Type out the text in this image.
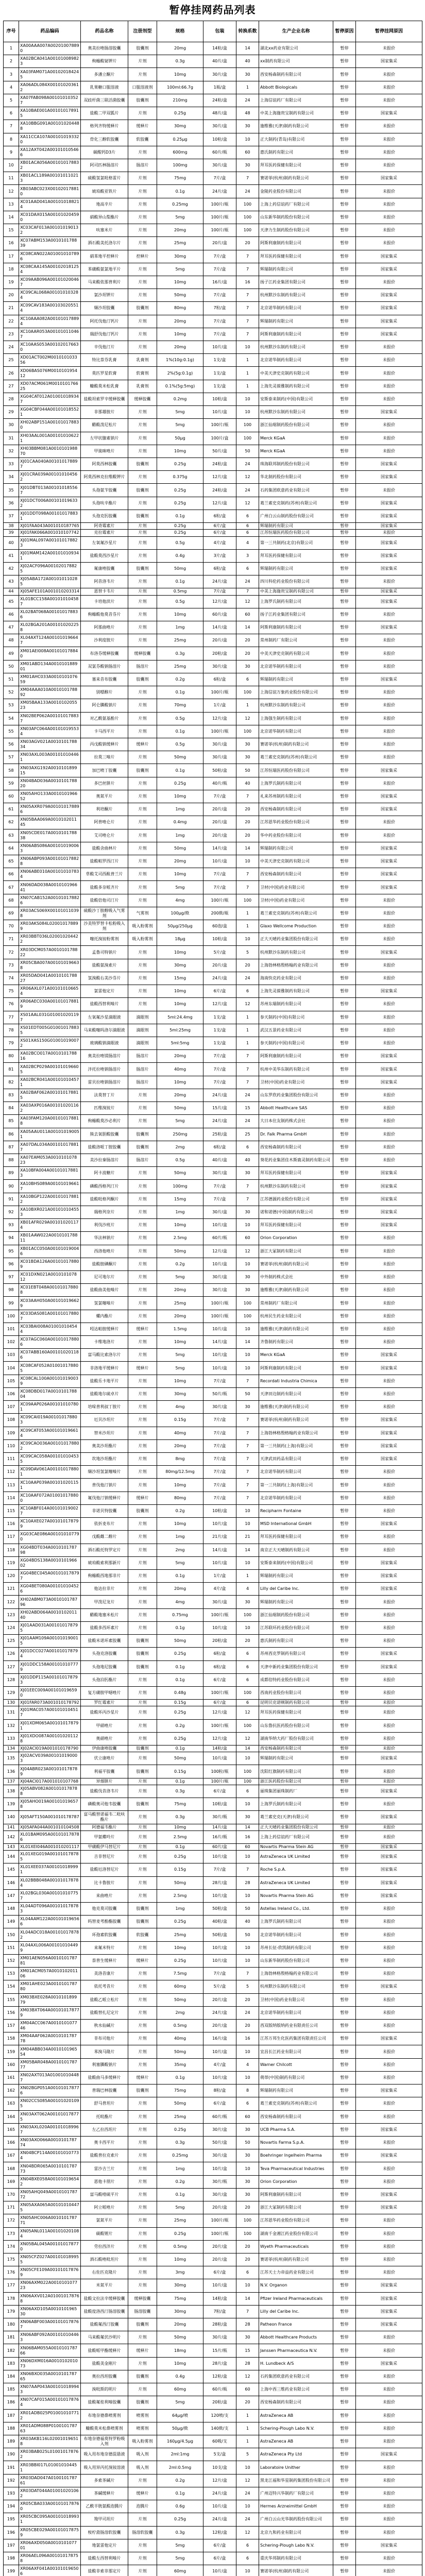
暂停挂网药品列表
序号	药品编码	药品名称	注册剂型	规格	包装	转换系数	生产企业名称	暂停原因	暂停挂网原因
1	XA00AAA007A002010078890	奥美拉唑肠溶胶囊	胶囊剂	20mg	14粒/盒	14	湖北xx药业有限公司	暂停	未报价
2	XA02BCA041A001010089823	枸橼酸铋钾片	片剂	0.3g	40片/盒	40	xx制药有限公司	暂停	国家集采
3	XA03FAM071A001020184245	多潘立酮片	片剂	10mg	30片/盒	30	西安杨森制药有限公司	暂停	未报价
4	XA06ADL084X001010203612	乳果糖口服溶液	口服溶液剂	100ml:66.7g	1瓶/盒	1	Abbott Biologicals	暂停	未报价
5	XA07FAB098A001010103527	双歧杆菌三联活菌胶囊	胶囊剂	210mg	24粒/盒	24	上海信谊药厂有限公司	暂停	未报价
6	XA10BAE001A001010178915	盐酸二甲双胍片	片剂	0.25g	48片/盒	48	中美上海施贵宝制药有限公司	暂停	国家集采
7	XA10BBG091A001010204488	格列齐特缓释片	缓释片	30mg	30片/盒	30	施维雅(天津)制药有限公司	暂停	未报价
8	XA11CCA107A001010193320	骨化三醇软胶囊	软胶囊	0.25μg	10粒/盒	10	正大制药(青岛)有限公司	暂停	未报价
9	XA12AXT042A001010105466	碳酸钙D3片	片剂	600mg	60片/瓶	60	惠氏制药有限公司	暂停	未报价
10	XB01ACA056A001010178832	阿司匹林肠溶片	肠溶片	100mg	30片/盒	30	拜耳医药保健有限公司	暂停	未报价
11	XB01ACL189A001010110213	硫酸氢氯吡格雷片	片剂	75mg	7片/盒	7	赛诺菲(杭州)制药有限公司	暂停	国家集采
12	XB03ABC023X001020178810	琥珀酸亚铁片	片剂	0.1g	24片/盒	24	金陵药业股份有限公司	暂停	未报价
13	XC01AAD041A001010188214	地高辛片	片剂	0.25mg	100片/瓶	100	上海上药信谊药厂有限公司	暂停	未报价
14	XC01DAX015A001010204590	硝酸异山梨酯片	片剂	5mg	100片/瓶	100	山东新华制药股份有限公司	暂停	未报价
15	XC03CAF013A001010190132	呋塞米片	片剂	20mg	100片/瓶	100	天津力生制药股份有限公司	暂停	未报价
16	XC07ABM153A001010178839	酒石酸美托洛尔片	片剂	25mg	20片/盒	20	阿斯利康制药有限公司	暂停	未报价
17	XC08CAN022A010010107896	硝苯地平控释片	控释片	30mg	7片/盒	7	拜耳医药保健有限公司	暂停	国家集采
18	XC08CAA145A001020181254	苯磺酸氨氯地平片	片剂	5mg	7片/盒	7	辉瑞制药有限公司	暂停	国家集采
19	XC09AAB096A001010200467	马来酸依那普利片	片剂	10mg	16片/盒	16	扬子江药业集团有限公司	暂停	未报价
20	XC09CAL068A001010103284	氯沙坦钾片	片剂	50mg	7片/盒	7	杭州默沙东制药有限公司	暂停	国家集采
21	XC09CAV183A001030205514	缬沙坦胶囊	胶囊剂	80mg	7粒/盒	7	北京诺华制药有限公司	暂停	国家集采
22	XC10AAA082A001010178894	阿托伐他汀钙片	片剂	20mg	7片/盒	7	辉瑞制药有限公司	暂停	国家集采
23	XC10AAR053A001010110467	瑞舒伐他汀钙片	片剂	10mg	7片/盒	7	阿斯利康制药有限公司	暂停	国家集采
24	XC10AAS053A001020176630	辛伐他汀片	片剂	20mg	10片/盒	10	杭州默沙东制药有限公司	暂停	未报价
25	XD01ACT002M001010103356	特比萘芬乳膏	乳膏剂	1%(10g:0.1g)	1支/盒	1	北京诺华制药有限公司	暂停	未报价
26	XD06BAS076M001010195412	莫匹罗星软膏	软膏剂	2%(5g:0.1g)	1支/盒	1	中美天津史克制药有限公司	暂停	未报价
27	XD07ACM061M001010176625	糠酸莫米松乳膏	乳膏剂	0.1%(5g:5mg)	1支/盒	1	上海先灵葆雅制药有限公司	暂停	未报价
28	XG04CAT012A010010189347	盐酸坦索罗辛缓释胶囊	缓释胶囊	0.2mg	10粒/盒	10	安斯泰来制药(中国)有限公司	暂停	未报价
29	XG04CBF044A001010185521	非那雄胺片	片剂	5mg	10片/盒	10	杭州默沙东制药有限公司	暂停	国家集采
30	XH02ABP151A001010178830	醋酸泼尼松片	片剂	5mg	100片/瓶	100	浙江仙琚制药股份有限公司	暂停	未报价
31	XH03AAL001A001010106221	左甲状腺素钠片	片剂	50μg	100片/盒	100	Merck KGaA	暂停	未报价
32	XH03BBM081A001010198870	甲巯咪唑片	片剂	10mg	50片/盒	50	Merck KGaA	暂停	未报价
33	XJ01CAA040A001010178897	阿莫西林胶囊	胶囊剂	0.25g	24粒/盒	24	珠海联邦制药股份有限公司	暂停	国家集采
34	XJ01CRA039A001010104562	阿莫西林克拉维酸钾片	片剂	0.375g	12片/盒	12	华北制药股份有限公司	暂停	国家集采
35	XJ01DBT013A001010185567	头孢氨苄胶囊	胶囊剂	0.25g	24粒/盒	24	石药集团欧意药业有限公司	暂停	未报价
36	XJ01DCT006A001010196332	头孢呋辛酯片	片剂	0.25g	12片/盒	12	葛兰素史克制药(苏州)有限公司	暂停	国家集采
37	XJ01DDT098A001010178831	头孢克肟胶囊	胶囊剂	0.1g	6粒/盒	6	广州白云山制药股份有限公司	暂停	国家集采
38	XJ01FAA043A001010187765	阿奇霉素片	片剂	0.25g	6片/盒	6	辉瑞制药有限公司	暂停	国家集采
39	XJ01FAK066A001010107742	克拉霉素片	片剂	0.25g	6片/盒	6	江苏恒瑞医药股份有限公司	暂停	未报价
40	XJ01MAL097A001010178823	左氧氟沙星片	片剂	0.5g	4片/盒	4	第一三共制药(北京)有限公司	暂停	国家集采
41	XJ01MAM142A001010109341	盐酸莫西沙星片	片剂	0.4g	3片/盒	3	拜耳医药保健有限公司	暂停	国家集采
42	XJ02ACF096A001020178825	氟康唑胶囊	胶囊剂	50mg	6粒/盒	6	辉瑞制药有限公司	暂停	国家集采
43	XJ05ABA172A001010110285	阿昔洛韦片	片剂	0.1g	24片/盒	24	四川科伦药业股份有限公司	暂停	未报价
44	XJ05AFE101A001010203314	恩替卡韦片	片剂	0.5mg	7片/盒	7	中美上海施贵宝制药有限公司	暂停	国家集采
45	XL01BCC158A001010104587	卡培他滨片	片剂	0.5g	12片/盒	12	上海罗氏制药有限公司	暂停	国家集采
46	XL02BAT068A001010178836	枸橼酸他莫昔芬片	片剂	10mg	60片/盒	60	扬子江药业集团有限公司	暂停	未报价
47	XL02BGA201A001010202258	阿那曲唑片	片剂	1mg	14片/盒	14	阿斯利康制药有限公司	暂停	国家集采
48	XL04AXT124A001010196647	沙利度胺片	片剂	25mg	20片/盒	20	常州制药厂有限公司	暂停	未报价
49	XM01AEI008A001010178840	布洛芬缓释胶囊	缓释胶囊	0.3g	20粒/盒	20	中美天津史克制药有限公司	暂停	未报价
50	XM01ABD134A001010188901	双氯芬酸钠肠溶片	肠溶片	25mg	30片/盒	30	北京诺华制药有限公司	暂停	未报价
51	XM01AHC033A001010107659	塞来昔布胶囊	胶囊剂	0.2g	6粒/盒	6	辉瑞制药有限公司	暂停	国家集采
52	XM04AAA010A001010178892	别嘌醇片	片剂	0.1g	100片/瓶	100	上海信谊万象药业股份有限公司	暂停	未报价
53	XM05BAA133A001010205523	阿仑膦酸钠片	片剂	70mg	1片/盒	1	杭州默沙东制药有限公司	暂停	未报价
54	XN02BEP062A001010178837	对乙酰氨基酚片	片剂	0.5g	12片/盒	12	上海强生制药有限公司	暂停	未报价
55	XN03AFC064A001010195534	卡马西平片	片剂	0.1g	100片/瓶	100	北京诺华制药有限公司	暂停	未报价
56	XN03AGV021A001010178834	丙戊酸钠缓释片	缓释片	0.5g	30片/盒	30	赛诺菲(杭州)制药有限公司	暂停	未报价
57	XN03AXL003A001010104461	拉莫三嗪片	片剂	50mg	30片/盒	30	葛兰素史克制药(苏州)有限公司	暂停	未报价
58	XN03AXG192A001010189915	加巴喷丁胶囊	胶囊剂	0.1g	50粒/盒	50	江苏恒瑞医药股份有限公司	暂停	国家集采
59	XN04BAD036A001010178820	多巴丝肼片	片剂	0.25g	40片/瓶	40	上海罗氏制药有限公司	暂停	未报价
60	XN05AHO133A001010196652	奥氮平片	片剂	10mg	7片/盒	7	礼来苏州制药有限公司	暂停	国家集采
61	XN05AXR079A001010178896	利培酮片	片剂	1mg	20片/盒	20	西安杨森制药有限公司	暂停	国家集采
62	XN05BAA069A001010201145	阿普唑仑片	片剂	0.4mg	20片/盒	20	江苏恩华药业股份有限公司	暂停	未报价
63	XN05CDE017A001010178838	艾司唑仑片	片剂	1mg	20片/盒	20	华中药业股份有限公司	暂停	未报价
64	XN06ABS086A001010190063	盐酸舍曲林片	片剂	50mg	14片/盒	14	辉瑞制药有限公司	暂停	国家集采
65	XN06ABP093A001010178828	盐酸帕罗西汀片	片剂	20mg	10片/盒	10	中美天津史克制药有限公司	暂停	国家集采
66	XN06ABE010A001010107834	草酸艾司西酞普兰片	片剂	10mg	7片/盒	7	西安杨森制药有限公司	暂停	国家集采
67	XN06DAD038A001010196641	盐酸多奈哌齐片	片剂	5mg	7片/盒	7	卫材(中国)药业有限公司	暂停	国家集采
68	XN07CAB152A001010178826	盐酸倍他司汀片	片剂	4mg	100片/瓶	100	卫材(中国)药业有限公司	暂停	未报价
69	XR03ACS069X001010110398	硫酸沙丁胺醇吸入气雾剂	气雾剂	100μg/揿	200揿/瓶	1	葛兰素史克制药(苏州)有限公司	暂停	未报价
70	XR03AKS084L020010178899	沙美特罗替卡松粉吸入剂	吸入粉雾剂	50μg/250μg	60泡/盒	1	Glaxo Wellcome Production	暂停	未报价
71	XR03BBT036L020010204422	噻托溴铵粉雾剂	吸入粉雾剂	18μg	10粒/盒	10	正大天晴药业集团股份有限公司	暂停	未报价
72	XR03DCM057A001010178822	孟鲁司特钠片	片剂	10mg	5片/盒	5	杭州默沙东制药有限公司	暂停	国家集采
73	XR05CBA007A001010196638	盐酸氨溴索片	片剂	30mg	20片/盒	20	上海勃林格殷格翰药业有限公司	暂停	未报价
74	XR05DAD041A001010178827	氢溴酸右美沙芬片	片剂	15mg	24片/盒	24	海南快克药业有限公司	暂停	未报价
75	XR06AXL071A001010106654	氯雷他定片	片剂	10mg	6片/盒	6	上海先灵葆雅制药有限公司	暂停	国家集采
76	XR06AEC030A001010178819	盐酸西替利嗪片	片剂	10mg	12片/盒	12	苏州东瑞制药有限公司	暂停	未报价
77	XS01AAL031G010010201197	左氧氟沙星滴眼液	滴眼剂	5ml:24.4mg	1支/盒	1	参天制药(中国)有限公司	暂停	未报价
78	XS01EDT005G010010178835	马来酸噻吗洛尔滴眼液	滴眼剂	5ml:25mg	1支/盒	1	武汉五景药业有限公司	暂停	未报价
79	XS01XAS150G010010190072	玻璃酸钠滴眼液	滴眼剂	5ml:5mg	1支/盒	1	参天制药(中国)有限公司	暂停	未报价
80	XA02BCO017A001010178816	奥美拉唑镁肠溶片	肠溶片	20mg	7片/盒	7	阿斯利康制药有限公司	暂停	国家集采
81	XA02BCP029A001010196605	泮托拉唑钠肠溶片	肠溶片	40mg	7片/盒	7	杭州中美华东制药有限公司	暂停	国家集采
82	XA02BCR041A001010104571	雷贝拉唑钠肠溶片	肠溶片	10mg	7片/盒	7	卫材(中国)药业有限公司	暂停	国家集采
83	XA02BAF062A001010178815	法莫替丁片	片剂	20mg	24片/盒	24	山东罗欣药业集团股份有限公司	暂停	未报价
84	XA03AXP016A001010201162	匹维溴铵片	片剂	50mg	15片/盒	15	Abbott Healthcare SAS	暂停	未报价
85	XA03FAM120A001010178818	枸橼酸莫沙必利片	片剂	5mg	24片/盒	24	大日本住友制药株式会社	暂停	未报价
86	XA05AAU011A001010190051	熊去氧胆酸胶囊	胶囊剂	250mg	25粒/盒	25	Dr. Falk Pharma GmbH	暂停	未报价
87	XA07DAL034A001010178817	盐酸洛哌丁胺胶囊	胶囊剂	2mg	6粒/盒	6	西安杨森制药有限公司	暂停	未报价
88	XA07EAM053A001010107823	美沙拉秦肠溶片	肠溶片	0.5g	40片/盒	40	葵花药业集团佳木斯鹿灵制药有限公司	暂停	未报价
89	XA10BFA004A001010178813	阿卡波糖片	片剂	50mg	30片/盒	30	拜耳医药保健有限公司	暂停	国家集采
90	XA10BHS089A001010196617	磷酸西格列汀片	片剂	100mg	7片/盒	7	杭州默沙东制药有限公司	暂停	国家集采
91	XA10BGP122A001010178812	盐酸吡格列酮片	片剂	15mg	7片/盒	7	江苏德源药业股份有限公司	暂停	国家集采
92	XA10BXR021A001010104553	瑞格列奈片	片剂	1mg	30片/盒	30	诺和诺德(中国)制药有限公司	暂停	国家集采
93	XB01AFR029A001010201174	利伐沙班片	片剂	10mg	10片/盒	10	拜耳医药保健有限公司	暂停	国家集采
94	XB01AAW022A001010178811	华法林钠片	片剂	2.5mg	60片/瓶	60	Orion Corporation	暂停	未报价
95	XB01ACC050A001010190046	西洛他唑片	片剂	50mg	12片/盒	12	浙江大冢制药有限公司	暂停	未报价
96	XC01BDA126A001010178809	盐酸胺碘酮片	片剂	0.2g	10片/盒	10	赛诺菲(杭州)制药有限公司	暂停	未报价
97	XC01DXN021A001010107812	尼可地尔片	片剂	5mg	30片/盒	30	中外制药株式会社	暂停	未报价
98	XC01EBT048A001010178808	盐酸曲美他嗪片	片剂	20mg	30片/盒	30	施维雅(天津)制药有限公司	暂停	未报价
99	XC03AAH050A001010196629	氢氯噻嗪片	片剂	25mg	100片/瓶	100	常州制药厂有限公司	暂停	未报价
100	XC03DAS081A001010178807	螺内酯片	片剂	20mg	100片/瓶	100	杭州民生药业有限公司	暂停	未报价
101	XC03BAI008A010010104544	吲达帕胺缓释片	缓释片	1.5mg	10片/盒	10	施维雅(天津)制药有限公司	暂停	未报价
102	XC07AGC060A001010178806	卡维地洛片	片剂	10mg	14片/盒	14	齐鲁制药有限公司	暂停	未报价
103	XC07ABB160A001010201186	富马酸比索洛尔片	片剂	5mg	10片/盒	10	Merck KGaA	暂停	国家集采
104	XC08CAF052A010010178805	非洛地平缓释片	缓释片	5mg	10片/盒	10	阿斯利康制药有限公司	暂停	国家集采
105	XC08CAL100A001010190039	盐酸乐卡地平片	片剂	10mg	7片/盒	7	Recordati Industria Chimica	暂停	未报价
106	XC08DBD017A001010178804	盐酸地尔硫卓片	片剂	30mg	50片/瓶	50	天津田边制药有限公司	暂停	未报价
107	XC09AAP026A001010107801	培哚普利叔丁胺片	片剂	4mg	30片/盒	30	施维雅(天津)制药有限公司	暂停	未报价
108	XC09CAI019A001010178803	厄贝沙坦片	片剂	0.15g	7片/盒	7	赛诺菲(杭州)制药有限公司	暂停	国家集采
109	XC09CAT053A001010196614	替米沙坦片	片剂	40mg	7片/盒	7	上海勃林格殷格翰药业有限公司	暂停	国家集采
110	XC09CAO036A001010178802	奥美沙坦酯片	片剂	20mg	7片/盒	7	第一三共制药(上海)有限公司	暂停	国家集采
111	XC09CAC058A001010104535	坎地沙坦酯片	片剂	8mg	7片/盒	7	天津武田药品有限公司	暂停	国家集采
112	XC09DAV061A001010178801	缬沙坦氢氯噻嗪片	片剂	80mg/12.5mg	7片/盒	7	北京诺华制药有限公司	暂停	未报价
113	XC10AAP039A001010201151	普伐他汀钠片	片剂	10mg	7片/盒	7	第一三共制药(上海)有限公司	暂停	未报价
114	XC10AAF072A010010178800	氟伐他汀钠缓释片	缓释片	80mg	7片/盒	7	北京诺华制药有限公司	暂停	未报价
115	XC10ABF014A001010190027	非诺贝特胶囊	胶囊剂	0.2g	10粒/盒	10	Recipharm Fontaine	暂停	未报价
116	XC10AXE027A001010178799	依折麦布片	片剂	10mg	10片/盒	10	MSD International GmbH	暂停	国家集采
117	XG03CAE086A001010107790	戊酸雌二醇片	片剂	1mg	21片/盒	21	拜耳医药保健有限公司	暂停	未报价
118	XG04BDT034A001010178798	酒石酸托特罗定片	片剂	2mg	14片/盒	14	南京正大天晴制药有限公司	暂停	未报价
119	XG04BDS138A001010196602	琥珀酸索利那新片	片剂	5mg	10片/盒	10	安斯泰来制药(中国)有限公司	暂停	国家集采
120	XG04BEC045A001010178797	枸橼酸西地那非片	片剂	0.1g	1片/盒	1	辉瑞制药有限公司	暂停	国家集采
121	XG04BET080A001010104526	他达拉非片	片剂	20mg	4片/盒	4	Lilly del Caribe Inc.	暂停	国家集采
122	XH02ABM073A001010178796	甲泼尼龙片	片剂	4mg	30片/盒	30	辉瑞制药有限公司	暂停	未报价
123	XH02ABD064A001010201140	醋酸地塞米松片	片剂	0.75mg	100片/瓶	100	浙江仙琚制药股份有限公司	暂停	未报价
124	XJ01AAD031A001010178795	盐酸多西环素片	片剂	0.1g	10片/盒	10	江苏联环药业股份有限公司	暂停	未报价
125	XJ01AAM109A001010190015	盐酸米诺环素胶囊	胶囊剂	50mg	20粒/盒	20	惠氏制药有限公司	暂停	未报价
126	XJ01DCC027A001010178794	头孢克洛胶囊	胶囊剂	0.25g	6粒/盒	6	苏州西克罗制药有限公司	暂停	国家集采
127	XJ01DDC158A001010107779	头孢地尼胶囊	胶囊剂	0.1g	6粒/盒	6	天津中新药业集团股份有限公司	暂停	国家集采
128	XJ01DDP115A001010178793	头孢泊肟酯片	片剂	0.1g	6片/盒	6	成都倍特药业股份有限公司	暂停	未报价
129	XJ01EEC009A001010196590	复方磺胺甲噁唑片	片剂	0.48g	100片/瓶	100	西南药业股份有限公司	暂停	未报价
130	XJ01FAR073A001010178792	罗红霉素片	片剂	0.15g	6片/盒	6	昆明贝克诺顿制药有限公司	暂停	未报价
131	XJ01MAC057A001010104517	盐酸环丙沙星片	片剂	0.25g	12片/盒	12	拜耳医药保健有限公司	暂停	未报价
132	XJ01XDM065A001010178791	甲硝唑片	片剂	0.2g	100片/瓶	100	山东鲁抗医药股份有限公司	暂停	未报价
133	XJ01XDO087A001010201128	奥硝唑片	片剂	0.25g	12片/盒	12	湖南华纳大药厂股份有限公司	暂停	未报价
134	XJ02ACI019A001010178790	伊曲康唑胶囊	胶囊剂	0.1g	14粒/盒	14	西安杨森制药有限公司	暂停	未报价
135	XJ02ACV039A001010190003	伏立康唑片	片剂	50mg	10片/盒	10	辉瑞制药有限公司	暂停	国家集采
136	XJ04ABR023A001010178789	利福平胶囊	胶囊剂	0.15g	100粒/瓶	100	沈阳红旗制药有限公司	暂停	未报价
137	XJ04ACI017A001010107768	异烟肼片	片剂	0.1g	100片/瓶	100	浙江医药股份有限公司	暂停	未报价
138	XJ05ABV082A001010178788	盐酸伐昔洛韦片	片剂	0.3g	6片/盒	6	丽珠集团丽珠制药厂	暂停	国家集采
139	XJ05AHO019A001010196578	磷酸奥司他韦胶囊	胶囊剂	75mg	10粒/盒	10	上海罗氏制药有限公司	暂停	未报价
140	XJ05AFT150A001010178787	富马酸替诺福韦二吡呋酯片	片剂	0.3g	30片/瓶	30	葛兰素史克(天津)有限公司	暂停	国家集采
141	XJ05AFA044A001010104508	阿德福韦酯片	片剂	10mg	14片/盒	14	正大天晴药业集团股份有限公司	暂停	未报价
142	XL01BAM095A001010178786	甲氨蝶呤片	片剂	2.5mg	16片/瓶	16	上海上药信谊药厂有限公司	暂停	未报价
143	XL01XEI046A001010201117	甲磺酸伊马替尼片	片剂	0.1g	60片/盒	60	Novartis Pharma Stein AG	暂停	国家集采
144	XL01XEG019A001010178785	吉非替尼片	片剂	0.25g	10片/盒	10	AstraZeneca UK Limited	暂停	国家集采
145	XL01XEE037A001010189991	盐酸厄洛替尼片	片剂	0.15g	7片/盒	7	Roche S.p.A.	暂停	国家集采
146	XL02BBB048A001010178784	比卡鲁胺片	片剂	50mg	28片/盒	28	AstraZeneca UK Limited	暂停	国家集采
147	XL02BGL030A001010107757	来曲唑片	片剂	2.5mg	10片/盒	10	Novartis Pharma Stein AG	暂停	国家集采
148	XL04ADT096A001010178783	他克莫司胶囊	胶囊剂	1mg	50粒/盒	50	Astellas Ireland Co., Ltd.	暂停	未报价
149	XL04AAM122A001010196566	吗替麦考酚酯胶囊	胶囊剂	0.25g	40粒/盒	40	上海罗氏制药有限公司	暂停	未报价
150	XL04ADC018A001010178782	环孢素软胶囊	软胶囊	25mg	50粒/盒	50	北京诺华制药有限公司	暂停	未报价
151	XL04AXL006A001010104499	来氟米特片	片剂	10mg	10片/盒	10	苏州长征-欣凯制药有限公司	暂停	未报价
152	XM01AEN056A001010178781	萘普生缓释片	缓释片	0.25g	10片/盒	10	山东新华制药股份有限公司	暂停	未报价
153	XM01ACM057A001010201106	美洛昔康片	片剂	7.5mg	7片/盒	7	上海勃林格殷格翰药业有限公司	暂停	未报价
154	XM01AHE023A001010178780	依托考昔片	片剂	60mg	5片/盒	5	杭州默沙东制药有限公司	暂停	国家集采
155	XM03BXE028A001010189979	盐酸乙哌立松片	片剂	50mg	20片/盒	20	卫材(中国)药业有限公司	暂停	未报价
156	XM03BXT064A001010178779	盐酸替扎尼定片	片剂	2mg	24片/盒	24	北京诺华制药有限公司	暂停	未报价
157	XM04ACC067A001010107746	秋水仙碱片	片剂	0.5mg	20片/盒	20	西双版纳版纳药业有限责任公司	暂停	未报价
158	XM04AAF062A001010178778	非布司他片	片剂	40mg	16片/盒	16	江苏万邦生化医药集团有限责任公司	暂停	国家集采
159	XM04ABB034A001010196554	苯溴马隆片	片剂	50mg	10片/盒	10	宜昌长江药业有限公司	暂停	未报价
160	XM05BAR048A001010178777	利塞膦酸钠片	片剂	35mg	4片/盒	4	Warner Chilcott	暂停	未报价
161	XN02AXT013A010010104487	盐酸曲马多缓释片	缓释片	0.1g	10片/盒	10	萌蒂(中国)制药有限公司	暂停	未报价
162	XN02BGP051A001010178776	普瑞巴林胶囊	胶囊剂	75mg	8粒/盒	8	辉瑞制药有限公司	暂停	国家集采
163	XN02CCS085A001010201095	舒马普坦片	片剂	50mg	6片/盒	6	葛兰素史克制药(苏州)有限公司	暂停	未报价
164	XN03AXT062A001010178775	托吡酯片	片剂	25mg	60片/瓶	60	西安杨森制药有限公司	暂停	未报价
165	XN03AXL020A001010189967	左乙拉西坦片	片剂	0.25g	30片/盒	30	UCB Pharma S.A.	暂停	国家集采
166	XN03AXO066A001010178774	奥卡西平片	片剂	0.3g	50片/盒	50	Novartis Farma S.p.A.	暂停	未报价
167	XN04BCP114A001010107734	盐酸普拉克索片	片剂	0.25mg	30片/盒	30	Boehringer Ingelheim Pharma	暂停	国家集采
168	XN04BDR065A001010178773	雷沙吉兰片	片剂	1mg	10片/盒	10	Teva Pharmaceutical Industries	暂停	未报价
169	XN04BXE058A001010196542	恩他卡朋片	片剂	0.2g	30片/瓶	30	Orion Corporation	暂停	未报价
170	XN05AHQ049A001010178772	富马酸喹硫平片	片剂	0.1g	30片/盒	30	阿斯利康制药有限公司	暂停	国家集采
171	XN05AXA065A001010104475	阿立哌唑片	片剂	5mg	20片/盒	20	浙江大冢制药有限公司	暂停	国家集采
172	XN05AHC006A001010178771	氯氮平片	片剂	25mg	100片/瓶	100	江苏恩华药业股份有限公司	暂停	未报价
173	XN05ANL011A001010201084	碳酸锂片	片剂	0.25g	100片/瓶	100	湖南千金湘江药业股份有限公司	暂停	未报价
174	XN05BAL045A001010178770	劳拉西泮片	片剂	0.5mg	20片/盒	20	Wyeth Pharmaceuticals	暂停	未报价
175	XN05CFZ027A001010189955	酒石酸唑吡坦片	片剂	10mg	20片/盒	20	赛诺菲(杭州)制药有限公司	暂停	未报价
176	XN05CFE109A001010178769	右佐匹克隆片	片剂	3mg	6片/盒	6	江苏天士力帝益药业有限公司	暂停	未报价
177	XN06AXM022A001010107723	米氮平片	片剂	30mg	10片/盒	10	N.V. Organon	暂停	国家集采
178	XN06AXV012A010010178768	盐酸文拉法辛缓释胶囊	缓释胶囊	75mg	14粒/盒	14	Pfizer Ireland Pharmaceuticals	暂停	国家集采
179	XN06AXD105A001010196530	盐酸度洛西汀肠溶胶囊	肠溶胶囊	30mg	7粒/盒	7	Lilly del Caribe Inc.	暂停	国家集采
180	XN06ABF003A001010178767	盐酸氟西汀胶囊	胶囊剂	20mg	28粒/盒	28	Patheon France	暂停	国家集采
181	XN06ABF092A001010104463	马来酸氟伏沙明片	片剂	50mg	30片/盒	30	Abbott Healthcare Products	暂停	未报价
182	XN06BAM055A001010178766	盐酸哌甲酯缓释片	缓释片	18mg	15片/瓶	15	Janssen Pharmaceutica N.V.	暂停	未报价
183	XN06DXM016A001010201073	盐酸美金刚片	片剂	10mg	28片/盒	28	H. Lundbeck A/S	暂停	国家集采
184	XN06BXO035A001010178765	奥拉西坦胶囊	胶囊剂	0.4g	12粒/盒	12	石药集团欧意药业有限公司	暂停	未报价
185	XN07AAP043A001010189943	溴吡斯的明片	片剂	60mg	60片/瓶	60	上海中西三维药业有限公司	暂停	未报价
186	XN07CAF015A001010178764	盐酸氟桂利嗪胶囊	胶囊剂	5mg	20粒/盒	20	西安杨森制药有限公司	暂停	未报价
187	XR01ADB025P010010107712	布地奈德鼻喷雾剂	喷雾剂	64μg/喷	120喷/支	1	AstraZeneca AB	暂停	未报价
188	XR01ADM088P010010178763	糠酸莫米松鼻喷雾剂	喷雾剂	50μg/揿	140揿/支	1	Schering-Plough Labo N.V.	暂停	未报价
189	XR03AKB116L020010196518	布地奈德福莫特罗粉吸入剂	吸入粉雾剂	160μg/4.5μg	60吸/支	1	AstraZeneca AB	暂停	未报价
190	XR03BAB025L010010178762	吸入用布地奈德混悬液	吸入剂	2ml:1mg	5支/盒	5	AstraZeneca Pty Ltd	暂停	国家集采
191	XR03BBI017L010010104451	吸入用异丙托溴铵溶液	吸入剂	2ml:0.5mg	10支/盒	10	Laboratoire Unither	暂停	未报价
192	XR03DAD047A010010178761	多索茶碱片	片剂	0.2g	12片/盒	12	黑龙江福和华星制药集团股份有限公司	暂停	未报价
193	XR03DAT044A010010201062	茶碱缓释片	缓释片	0.1g	24片/盒	24	广州迈特兴华制药厂有限公司	暂停	未报价
194	XR05CBA033A001010178760	乙酰半胱氨酸泡腾片	泡腾片	0.6g	10片/盒	10	Hermes Arzneimittel GmbH	暂停	未报价
195	XR05CBC095A001010189931	羧甲司坦片	片剂	0.25g	24片/盒	24	广州白云山光华制药股份有限公司	暂停	未报价
196	XR05CBE029A001010178759	桉柠蒎肠溶软胶囊	肠溶软胶囊	0.3g	12粒/盒	12	北京九和药业有限公司	暂停	未报价
197	XR06AXD050A001010107701	地氯雷他定片	片剂	5mg	6片/盒	6	Schering-Plough Labo N.V.	暂停	国家集采
198	XR06AEL096A001010178758	盐酸左西替利嗪片	片剂	5mg	6片/盒	6	重庆华邦制药有限公司	暂停	未报价
199	XR06AXF041A001010196506	盐酸非索非那定片	片剂	60mg	10片/盒	10	赛诺菲(杭州)制药有限公司	暂停	未报价
